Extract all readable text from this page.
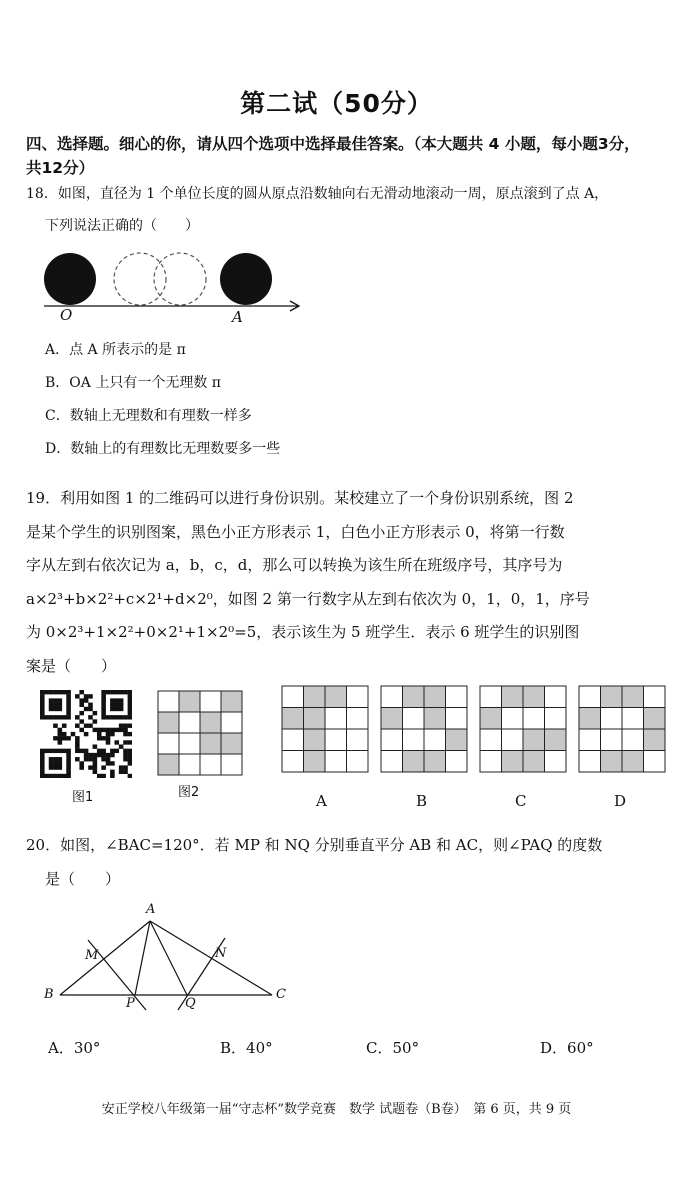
第二试（50分）
四、选择题。细心的你，请从四个选项中选择最佳答案。（本大题共 4 小题，每小题3分，共12分）
18．如图，直径为 1 个单位长度的圆从原点沿数轴向右无滑动地滚动一周，原点滚到了点 A，
下列说法正确的（　　）
O	A
A．点 A 所表示的是 π
B．OA 上只有一个无理数 π
C．数轴上无理数和有理数一样多
D．数轴上的有理数比无理数要多一些
19．利用如图 1 的二维码可以进行身份识别。某校建立了一个身份识别系统，图 2
是某个学生的识别图案，黑色小正方形表示 1，白色小正方形表示 0，将第一行数
字从左到右依次记为 a，b，c，d，那么可以转换为该生所在班级序号，其序号为
a×2³+b×2²+c×2¹+d×2⁰，如图 2 第一行数字从左到右依次为 0，1，0，1，序号
为 0×2³+1×2²+0×2¹+1×2⁰=5，表示该生为 5 班学生．表示 6 班学生的识别图
案是（　　）
图1	图2	A	B	C	D
20．如图，∠BAC=120°．若 MP 和 NQ 分别垂直平分 AB 和 AC，则∠PAQ 的度数
是（　　）
A
B	C
M	N
P	Q
A．30°	B．40°	C．50°	D．60°
安正学校八年级第一届“守志杯”数学竞赛　数学 试题卷（B卷）　第 6 页，共 9 页
